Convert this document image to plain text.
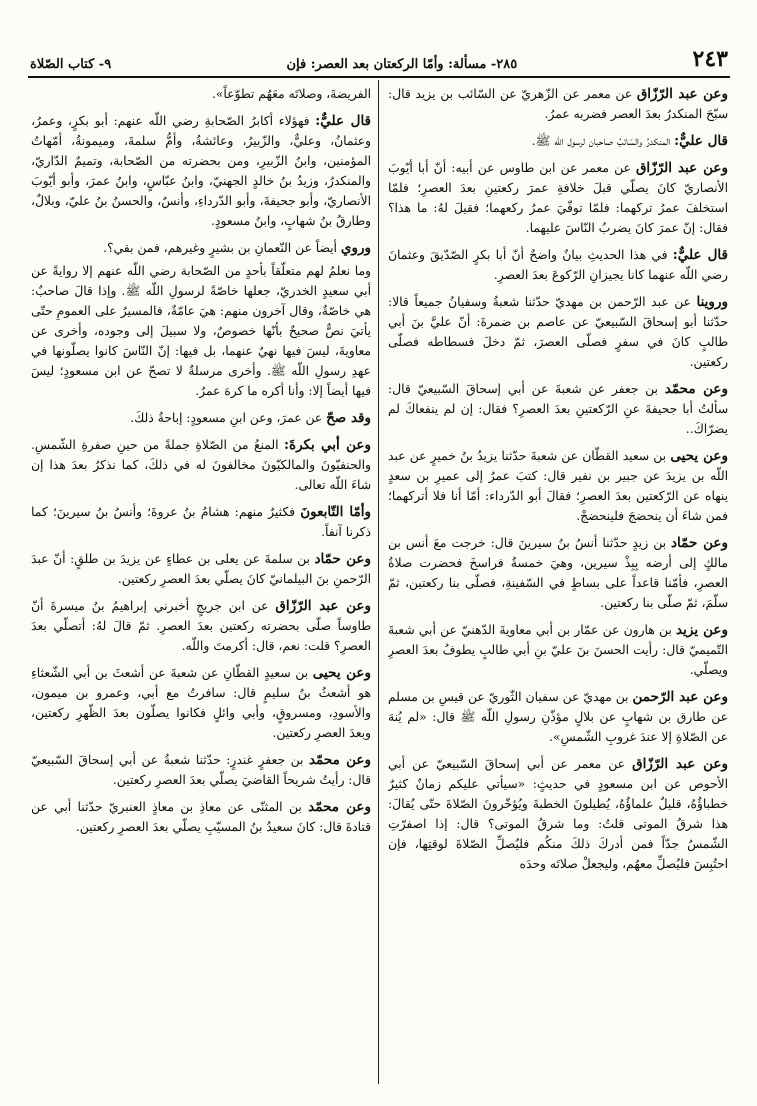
٢٤٣
٢٨٥- مسألة: وأمّا الركعتان بعد العصر: فإن
٩- كتاب الصّلاة

وعن عبد الرّزّاق عن معمر عن الزّهريّ عن السّائب بن يزيد قال: سبّحَ المنكدرُ بعدَ العصر فضربه عمرُ.

قال عليٌّ: المنكدرُ والسّائبُ صاحبان لرسول اللّه ﷺ.

وعن عبد الرّزّاق عن معمر عن ابن طاوس عن أبيه: أنّ أبا أيّوبَ الأنصاريّ كانَ يصلّي قبلَ خلافةِ عمرَ ركعتينِ بعدَ العصرِ؛ فلمّا استخلفَ عمرُ تركهما: فلمّا توفّيَ عمرُ ركعهما؛ فقيلَ لهُ: ما هذا؟ فقال: إنّ عمرَ كانَ يضربُ النّاسَ عليهما.

قال عليٌّ: في هذا الحديثِ بيانٌ واضحٌ أنّ أبا بكرٍ الصّدّيقَ وعثمانَ رضي اللّه عنهما كانا يجيزانِ الرّكوعَ بعدَ العصرِ.

وروينا عن عبد الرّحمن بن مهديّ حدّثنا شعبةُ وسفيانُ جميعاً قالا: حدّثنا أبو إسحاقَ السّبيعيّ عن عاصم بن ضمرةَ: أنّ عليَّ بنَ أبي طالبٍ كانَ في سفرٍ فصلّى العصرَ، ثمّ دخلَ فسطاطه فصلّى ركعتين.

وعن محمّد بن جعفر عن شعبةَ عن أبي إسحاقَ السّبيعيّ قال: سألتُ أبا جحيفةَ عنِ الرّكعتينِ بعدَ العصرِ؟ فقال: إن لم ينفعاكَ لم يضرّاكَ..

وعن يحيى بن سعيد القطّان عن شعبةَ حدّثنا يزيدُ بنُ خميرٍ عن عبد اللّه بن يزيدَ عن جبير بن نفير قال: كتبَ عمرُ إلى عميرِ بن سعدٍ ينهاه عن الرّكعتين بعدَ العصرِ؛ فقالَ أبو الدّرداء: أمّا أنا فلا أتركهما؛ فمن شاءَ أن ينحضجَ فلينحضجْ.

وعن حمّاد بن زيدٍ حدّثنا أنسُ بنُ سيرينَ قال: خرجت معَ أنس بن مالكٍ إلى أرضه بِبِذْ سيرين، وهيَ خمسةُ فراسخَ فحضرت صلاةُ العصرِ، فأمّنا قاعداً على بساطٍ في السّفينةِ، فصلّى بنا ركعتين، ثمّ سلّمَ، ثمّ صلّى بنا ركعتين.

وعن يزيد بن هارون عن عمّار بن أبي معاويةَ الدّهنيّ عن أبي شعبةَ التّميميّ قال: رأيت الحسنَ بنَ عليّ بنِ أبي طالبٍ يطوفُ بعدَ العصرِ ويصلّي.

وعن عبد الرّحمن بن مهديّ عن سفيان الثّوريّ عن قيسِ بن مسلم عن طارق بن شهابٍ عن بلالٍ مؤذّنِ رسولِ اللّه ﷺ قال: «لم يُنهَ عن الصّلاةِ إلا عندَ غروبِ الشّمسِ».

وعن عبد الرّزّاق عن معمر عن أبي إسحاقَ السّبيعيّ عن أبي الأحوص عن ابن مسعودٍ في حديثٍ: «سيأتي عليكم زمانٌ كثيرٌ خطباؤُهُ، قليلٌ علماؤُهُ، يُطيلونَ الخطبةَ ويُؤخّرونَ الصّلاةَ حتّى يُقالَ: هذا شرقُ الموتى قلتُ: وما شرقُ الموتى؟ قال: إذا اصفرّتِ الشّمسُ جدّاً فمن أدركَ ذلكَ منكُم فليُصلِّ الصّلاةَ لوقتِها، فإن احتُبِسَ فليُصلِّ معهُم، وليجعلْ صلاتَه وحدَه

الفريضةَ، وصلاتَه معَهُم تطوّعاً».

قال عليٌّ: فهؤلاء أكابرُ الصّحابةِ رضي اللّه عنهم: أبو بكرٍ، وعمرُ، وعثمانُ، وعليٌّ، والزّبيرُ، وعائشةُ، وأمُّ سلمةَ، وميمونةُ، أمّهاتُ المؤمنين، وابنُ الزّبيرِ، ومن بحضرته من الصّحابة، وتميمٌ الدّاريّ، والمنكدرُ، وزيدُ بنُ خالدٍ الجهنيّ، وابنُ عبّاسٍ، وابنُ عمرَ، وأبو أيّوبَ الأنصاريّ، وأبو جحيفةَ، وأبو الدّرداءِ، وأنسٌ، والحسنُ بنُ عليّ، وبلالٌ، وطارقُ بنُ شهابٍ، وابنُ مسعودٍ.

وروي أيضاً عن النّعمانِ بن بشيرٍ وغيرهم، فمن بقي؟.

وما نعلمُ لهم متعلّقاً بأحدٍ من الصّحابة رضي اللّه عنهم إلا روايةً عن أبي سعيدٍ الخدريّ، جعلها خاصّةً لرسولِ اللّه ﷺ. وإذا قالَ صاحبٌ: هي خاصّةٌ، وقال آخرون منهم: هيَ عامّةٌ، فالمسيرُ على العمومِ حتّى يأتيَ نصٌّ صحيحٌ بأنّها خصوصٌ، ولا سبيلَ إلى وجوده، وأخرى عن معاويةَ، ليسَ فيها نهيٌ عنهما، بل فيها: إنّ النّاسَ كانوا يصلّونها في عهدِ رسولِ اللّه ﷺ. وأخرى مرسلةٌ لا تصحّ عن ابن مسعودٍ؛ ليسَ فيها أيضاً إلا: وأنا أكره ما كرهَ عمرُ.

وقد صحّ عن عمرَ، وعن ابنِ مسعودٍ: إباحةُ ذلكَ.

وعن أبي بكرةَ: المنعُ من الصّلاةِ جملةً من حينِ صفرةِ الشّمسِ. والحنفيّونَ والمالكيّونَ مخالفونَ له في ذلكَ، كما نذكرُ بعدَ هذا إن شاءَ اللّه تعالى.

وأمّا التّابعونَ فكثيرٌ منهم: هشامُ بنُ عروةَ؛ وأنسُ بنُ سيرينَ؛ كما ذكرنا آنفاً.

وعن حمّاد بن سلمةَ عن يعلى بن عطاءٍ عن يزيدَ بن طلقٍ: أنّ عبدَ الرّحمنِ بنَ البيلمانيّ كانَ يصلّي بعدَ العصرِ ركعتين.

وعن عبد الرّزّاق عن ابن جريجٍ أخبرني إبراهيمُ بنُ ميسرةَ أنّ طاوساً صلّى بحضرته ركعتين بعدَ العصرِ. ثمّ قالَ لهُ: أتصلّي بعدَ العصرِ؟ قلت: نعم، قال: أكرمتَ واللّه.

وعن يحيى بن سعيدٍ القطّانِ عن شعبةَ عن أشعثَ بن أبي الشّعثاءِ هو أشعثُ بنُ سليمٍ قال: سافرتُ مع أبي، وعمرو بن ميمون، والأسودِ، ومسروقٍ، وأبي وائلٍ فكانوا يصلّون بعدَ الظّهرِ ركعتين، وبعدَ العصرِ ركعتين.

وعن محمّد بن جعفرٍ غندرٍ: حدّثنا شعبةُ عن أبي إسحاقَ السّبيعيّ قال: رأيتُ شريحاً القاضيَ يصلّي بعدَ العصرِ ركعتين.

وعن محمّد بن المثنّى عن معاذِ بن معاذٍ العنبريّ حدّثنا أبي عن قتادةَ قال: كانَ سعيدُ بنُ المسيّبِ يصلّي بعدَ العصرِ ركعتين.
